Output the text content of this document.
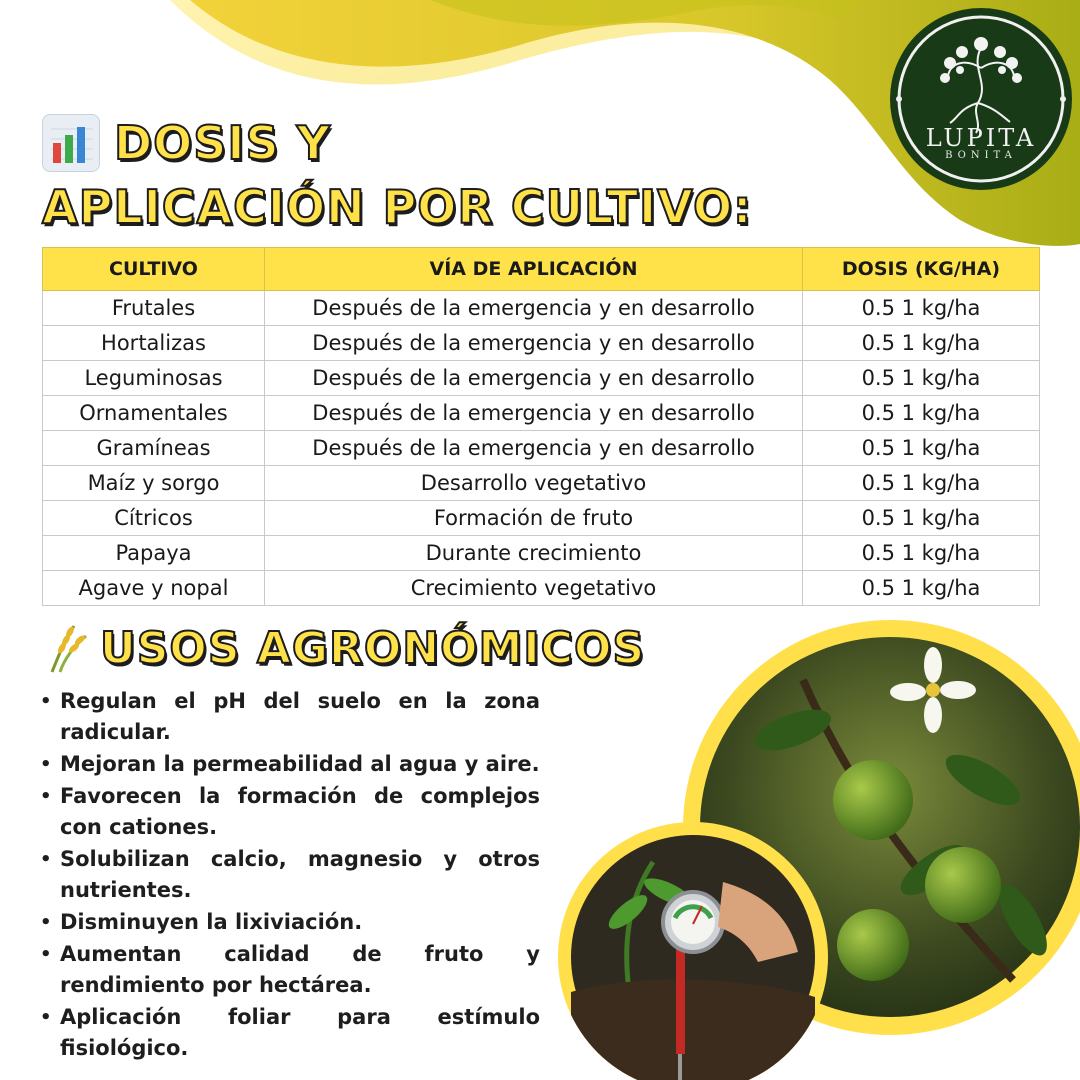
LUPITA
BONITA
DOSIS Y
APLICACIÓN POR CULTIVO:
CULTIVO	VÍA DE APLICACIÓN	DOSIS (KG/HA)
Frutales	Después de la emergencia y en desarrollo	0.5 1 kg/ha
Hortalizas	Después de la emergencia y en desarrollo	0.5 1 kg/ha
Leguminosas	Después de la emergencia y en desarrollo	0.5 1 kg/ha
Ornamentales	Después de la emergencia y en desarrollo	0.5 1 kg/ha
Gramíneas	Después de la emergencia y en desarrollo	0.5 1 kg/ha
Maíz y sorgo	Desarrollo vegetativo	0.5 1 kg/ha
Cítricos	Formación de fruto	0.5 1 kg/ha
Papaya	Durante crecimiento	0.5 1 kg/ha
Agave y nopal	Crecimiento vegetativo	0.5 1 kg/ha
USOS AGRONÓMICOS
• Regulan el pH del suelo en la zona radicular.
• Mejoran la permeabilidad al agua y aire.
• Favorecen la formación de complejos con cationes.
• Solubilizan calcio, magnesio y otros nutrientes.
• Disminuyen la lixiviación.
• Aumentan calidad de fruto y rendimiento por hectárea.
• Aplicación foliar para estímulo fisiológico.
